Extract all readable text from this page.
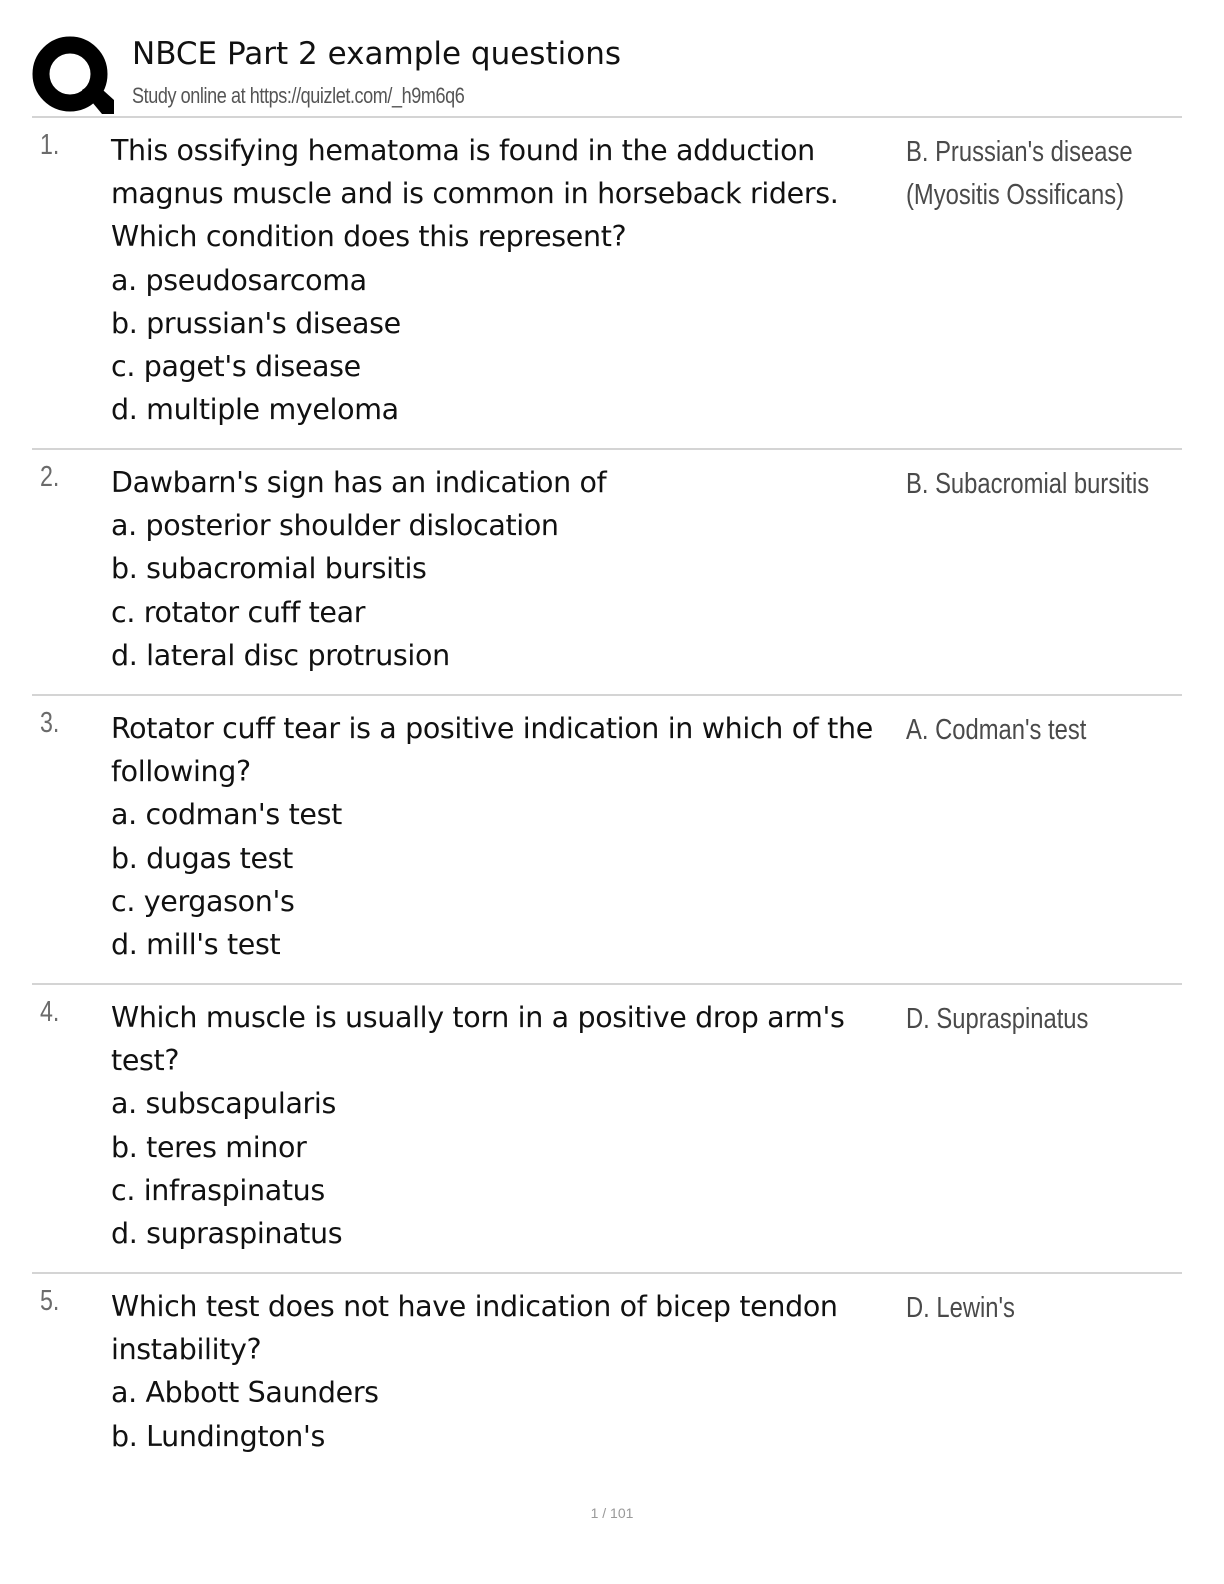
NBCE Part 2 example questions
Study online at https://quizlet.com/_h9m6q6
1. This ossifying hematoma is found in the adduction
magnus muscle and is common in horseback riders.
Which condition does this represent?
a. pseudosarcoma
b. prussian's disease
c. paget's disease
d. multiple myeloma
B. Prussian's disease
(Myositis Ossificans)
2. Dawbarn's sign has an indication of
a. posterior shoulder dislocation
b. subacromial bursitis
c. rotator cuff tear
d. lateral disc protrusion
B. Subacromial bursitis
3. Rotator cuff tear is a positive indication in which of the
following?
a. codman's test
b. dugas test
c. yergason's
d. mill's test
A. Codman's test
4. Which muscle is usually torn in a positive drop arm's
test?
a. subscapularis
b. teres minor
c. infraspinatus
d. supraspinatus
D. Supraspinatus
5. Which test does not have indication of bicep tendon
instability?
a. Abbott Saunders
b. Lundington's
D. Lewin's
1 / 101
